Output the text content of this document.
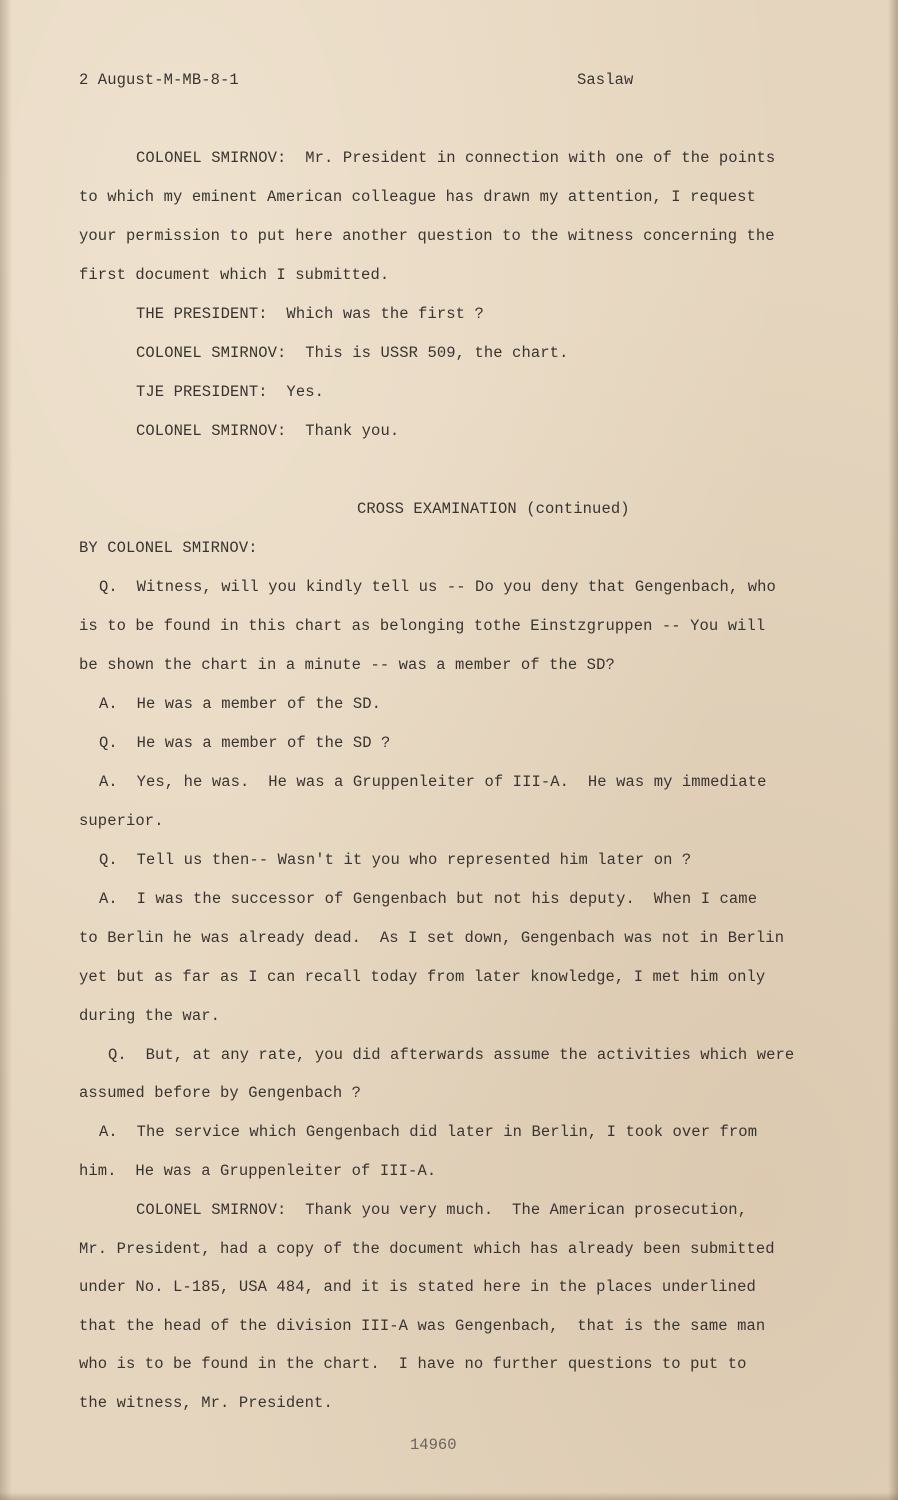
2 August-M-MB-8-1	Saslaw
COLONEL SMIRNOV:  Mr. President in connection with one of the points
to which my eminent American colleague has drawn my attention, I request
your permission to put here another question to the witness concerning the
first document which I submitted.
THE PRESIDENT:  Which was the first ?
COLONEL SMIRNOV:  This is USSR 509, the chart.
TJE PRESIDENT:  Yes.
COLONEL SMIRNOV:  Thank you.
CROSS EXAMINATION (continued)
BY COLONEL SMIRNOV:
Q.  Witness, will you kindly tell us -- Do you deny that Gengenbach, who
is to be found in this chart as belonging tothe Einstzgruppen -- You will
be shown the chart in a minute -- was a member of the SD?
A.  He was a member of the SD.
Q.  He was a member of the SD ?
A.  Yes, he was.  He was a Gruppenleiter of III-A.  He was my immediate
superior.
Q.  Tell us then-- Wasn't it you who represented him later on ?
A.  I was the successor of Gengenbach but not his deputy.  When I came
to Berlin he was already dead.  As I set down, Gengenbach was not in Berlin
yet but as far as I can recall today from later knowledge, I met him only
during the war.
Q.  But, at any rate, you did afterwards assume the activities which were
assumed before by Gengenbach ?
A.  The service which Gengenbach did later in Berlin, I took over from
him.  He was a Gruppenleiter of III-A.
COLONEL SMIRNOV:  Thank you very much.  The American prosecution,
Mr. President, had a copy of the document which has already been submitted
under No. L-185, USA 484, and it is stated here in the places underlined
that the head of the division III-A was Gengenbach,  that is the same man
who is to be found in the chart.  I have no further questions to put to
the witness, Mr. President.
14960
